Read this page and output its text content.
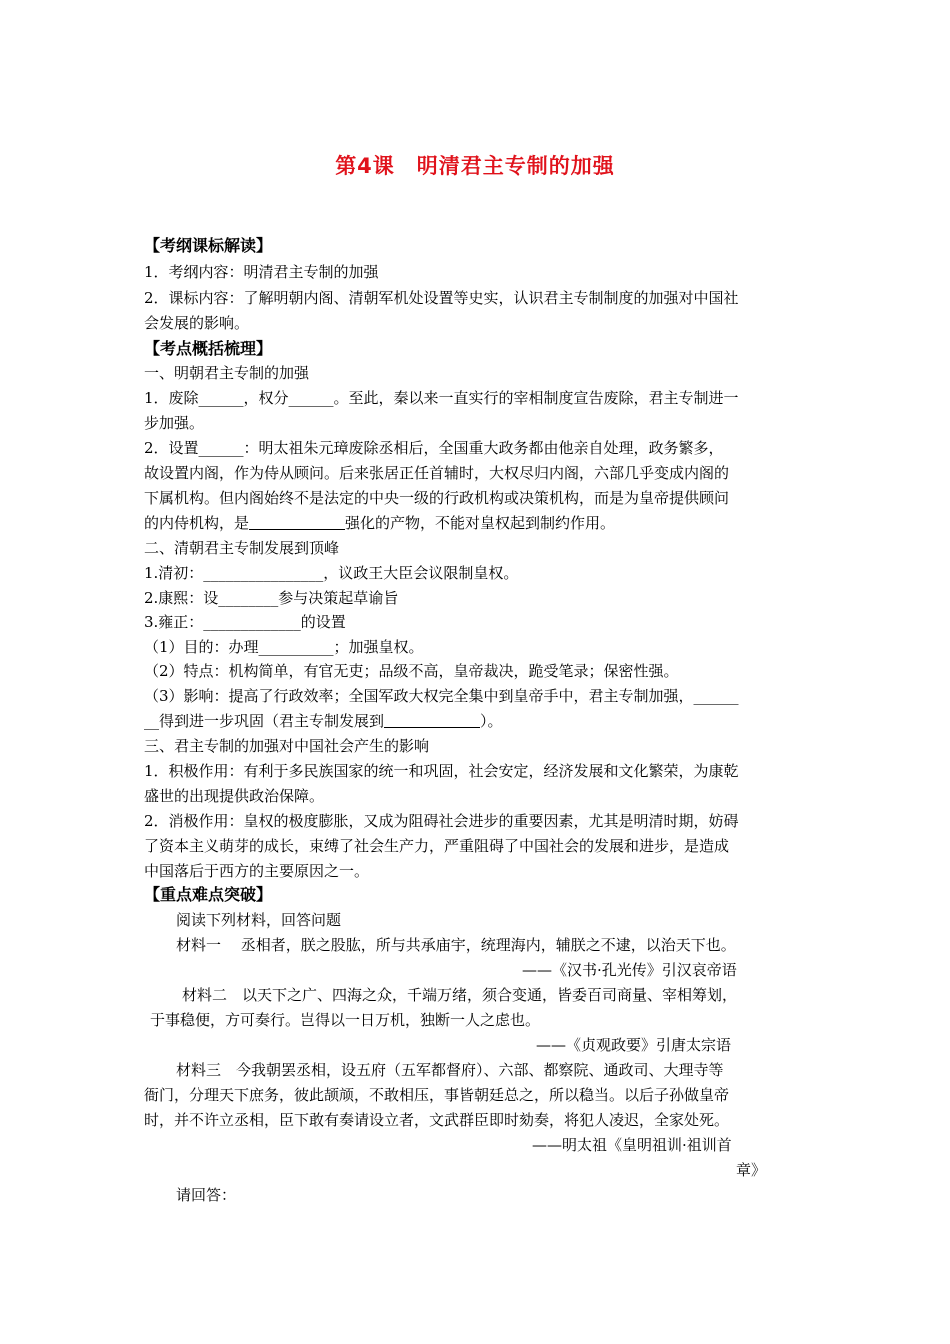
第4课　明清君主专制的加强
【考纲课标解读】
1．考纲内容：明清君主专制的加强
2．课标内容：了解明朝内阁、清朝军机处设置等史实，认识君主专制制度的加强对中国社
会发展的影响。
【考点概括梳理】
一、明朝君主专制的加强
1．废除______，权分______。至此，秦以来一直实行的宰相制度宣告废除，君主专制进一
步加强。
2．设置______：明太祖朱元璋废除丞相后，全国重大政务都由他亲自处理，政务繁多，
故设置内阁，作为侍从顾问。后来张居正任首辅时，大权尽归内阁，六部几乎变成内阁的
下属机构。但内阁始终不是法定的中央一级的行政机构或决策机构，而是为皇帝提供顾问
的内侍机构，是	强化的产物，不能对皇权起到制约作用。
二、清朝君主专制发展到顶峰
1.清初：________________，议政王大臣会议限制皇权。
2.康熙：设________参与决策起草谕旨
3.雍正：_____________的设置
（1）目的：办理__________；加强皇权。
（2）特点：机构简单，有官无吏；品级不高，皇帝裁决，跪受笔录；保密性强。
（3）影响：提高了行政效率；全国军政大权完全集中到皇帝手中，君主专制加强，______
__得到进一步巩固（君主专制发展到	）。
三、君主专制的加强对中国社会产生的影响
1．积极作用：有利于多民族国家的统一和巩固，社会安定，经济发展和文化繁荣，为康乾
盛世的出现提供政治保障。
2．消极作用：皇权的极度膨胀，又成为阻碍社会进步的重要因素，尤其是明清时期，妨碍
了资本主义萌芽的成长，束缚了社会生产力，严重阻碍了中国社会的发展和进步，是造成
中国落后于西方的主要原因之一。
【重点难点突破】
阅读下列材料，回答问题
材料一　 丞相者，朕之股肱，所与共承庙宇，统理海内，辅朕之不逮，以治天下也。
——《汉书·孔光传》引汉哀帝语
材料二　以天下之广、四海之众，千端万绪，须合变通，皆委百司商量、宰相筹划，
于事稳便，方可奏行。岂得以一日万机，独断一人之虑也。
——《贞观政要》引唐太宗语
材料三　今我朝罢丞相，设五府（五军都督府）、六部、都察院、通政司、大理寺等
衙门，分理天下庶务，彼此颉颃，不敢相压，事皆朝廷总之，所以稳当。以后子孙做皇帝
时，并不许立丞相，臣下敢有奏请设立者，文武群臣即时劾奏，将犯人凌迟，全家处死。
——明太祖《皇明祖训·祖训首
章》
请回答：
